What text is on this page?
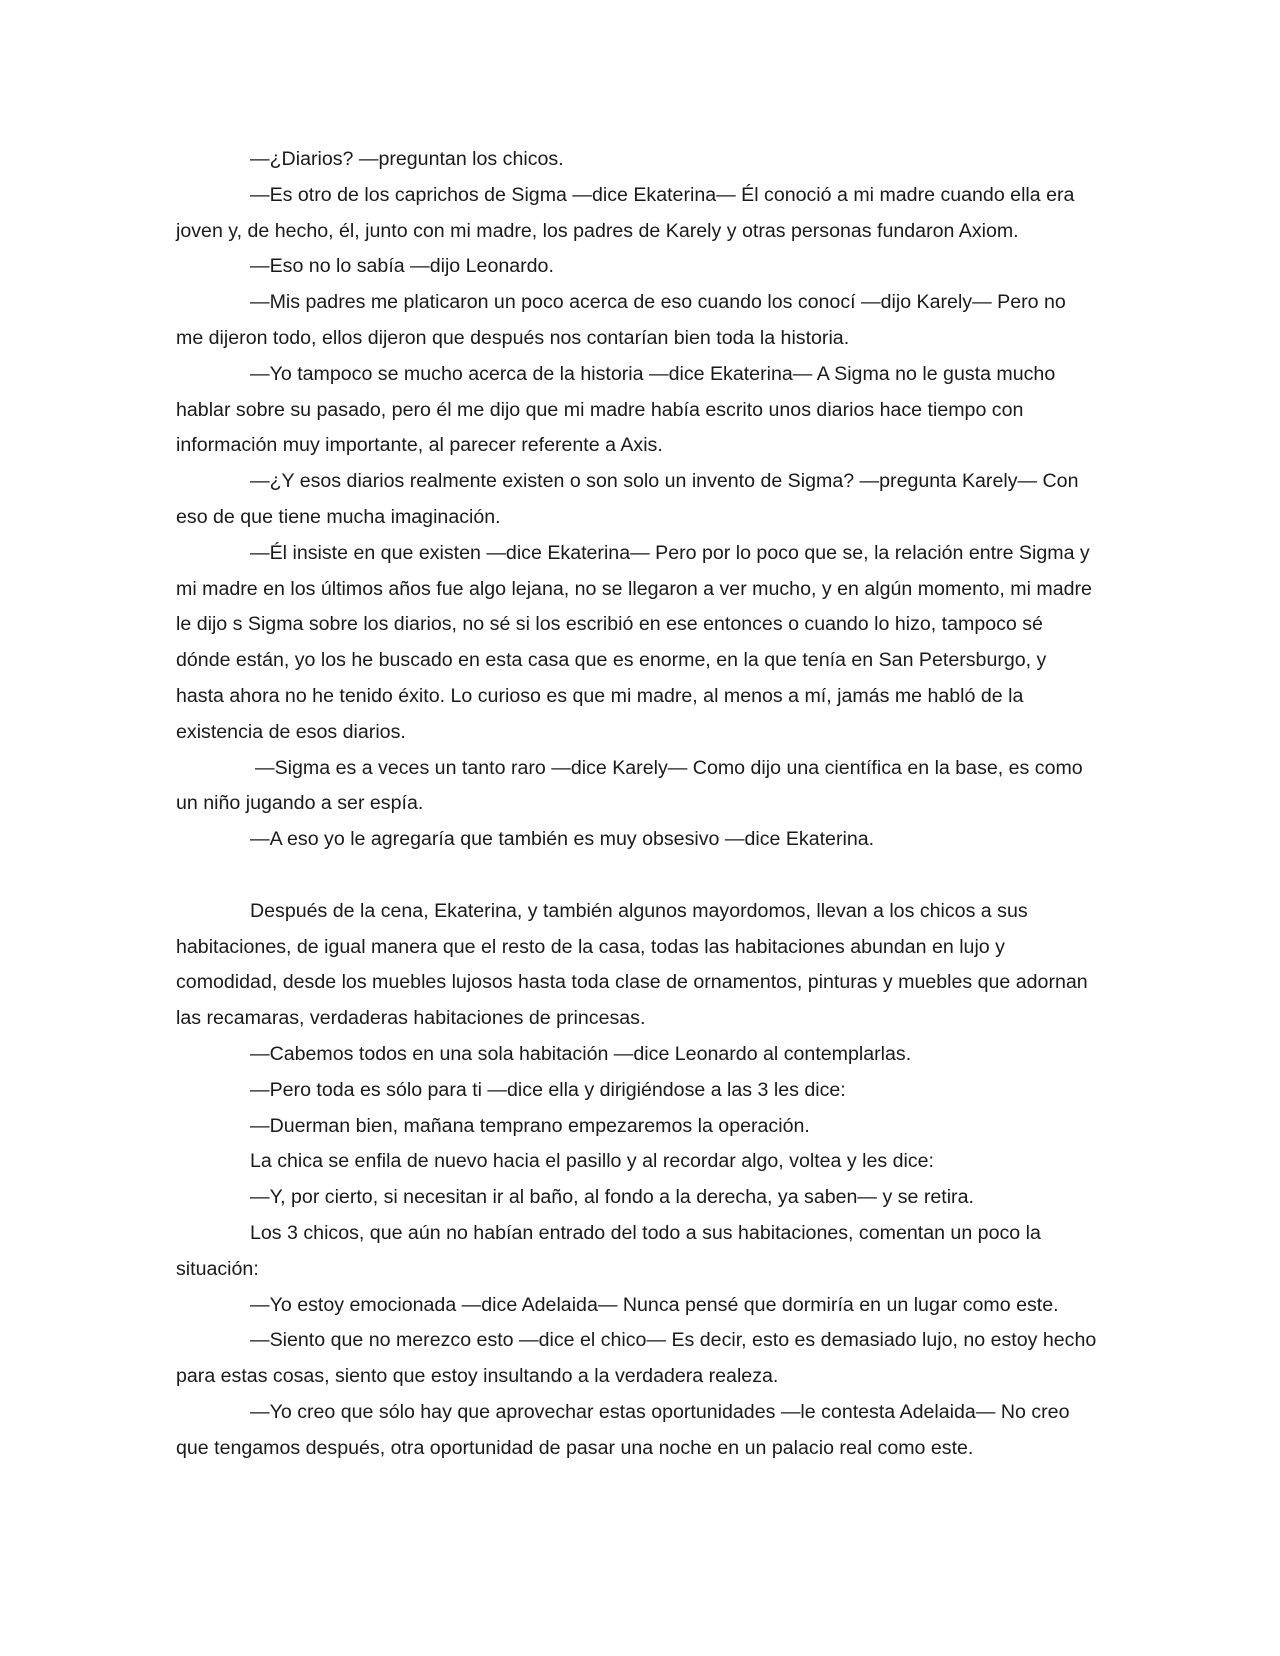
—¿Diarios? —preguntan los chicos.

—Es otro de los caprichos de Sigma —dice Ekaterina— Él conoció a mi madre cuando ella era joven y, de hecho, él, junto con mi madre, los padres de Karely y otras personas fundaron Axiom.

—Eso no lo sabía —dijo Leonardo.

—Mis padres me platicaron un poco acerca de eso cuando los conocí —dijo Karely— Pero no me dijeron todo, ellos dijeron que después nos contarían bien toda la historia.

—Yo tampoco se mucho acerca de la historia —dice Ekaterina— A Sigma no le gusta mucho hablar sobre su pasado, pero él me dijo que mi madre había escrito unos diarios hace tiempo con información muy importante, al parecer referente a Axis.

—¿Y esos diarios realmente existen o son solo un invento de Sigma? —pregunta Karely— Con eso de que tiene mucha imaginación.

—Él insiste en que existen —dice Ekaterina— Pero por lo poco que se, la relación entre Sigma y mi madre en los últimos años fue algo lejana, no se llegaron a ver mucho, y en algún momento, mi madre le dijo s Sigma sobre los diarios, no sé si los escribió en ese entonces o cuando lo hizo, tampoco sé dónde están, yo los he buscado en esta casa que es enorme, en la que tenía en San Petersburgo, y hasta ahora no he tenido éxito. Lo curioso es que mi madre, al menos a mí, jamás me habló de la existencia de esos diarios.

—Sigma es a veces un tanto raro —dice Karely— Como dijo una científica en la base, es como un niño jugando a ser espía.

—A eso yo le agregaría que también es muy obsesivo —dice Ekaterina.

Después de la cena, Ekaterina, y también algunos mayordomos, llevan a los chicos a sus habitaciones, de igual manera que el resto de la casa, todas las habitaciones abundan en lujo y comodidad, desde los muebles lujosos hasta toda clase de ornamentos, pinturas y muebles que adornan las recamaras, verdaderas habitaciones de princesas.

—Cabemos todos en una sola habitación —dice Leonardo al contemplarlas.

—Pero toda es sólo para ti —dice ella y dirigiéndose a las 3 les dice:

—Duerman bien, mañana temprano empezaremos la operación.

La chica se enfila de nuevo hacia el pasillo y al recordar algo, voltea y les dice:

—Y, por cierto, si necesitan ir al baño, al fondo a la derecha, ya saben— y se retira.

Los 3 chicos, que aún no habían entrado del todo a sus habitaciones, comentan un poco la situación:

—Yo estoy emocionada —dice Adelaida— Nunca pensé que dormiría en un lugar como este.

—Siento que no merezco esto —dice el chico— Es decir, esto es demasiado lujo, no estoy hecho para estas cosas, siento que estoy insultando a la verdadera realeza.

—Yo creo que sólo hay que aprovechar estas oportunidades —le contesta Adelaida— No creo que tengamos después, otra oportunidad de pasar una noche en un palacio real como este.
